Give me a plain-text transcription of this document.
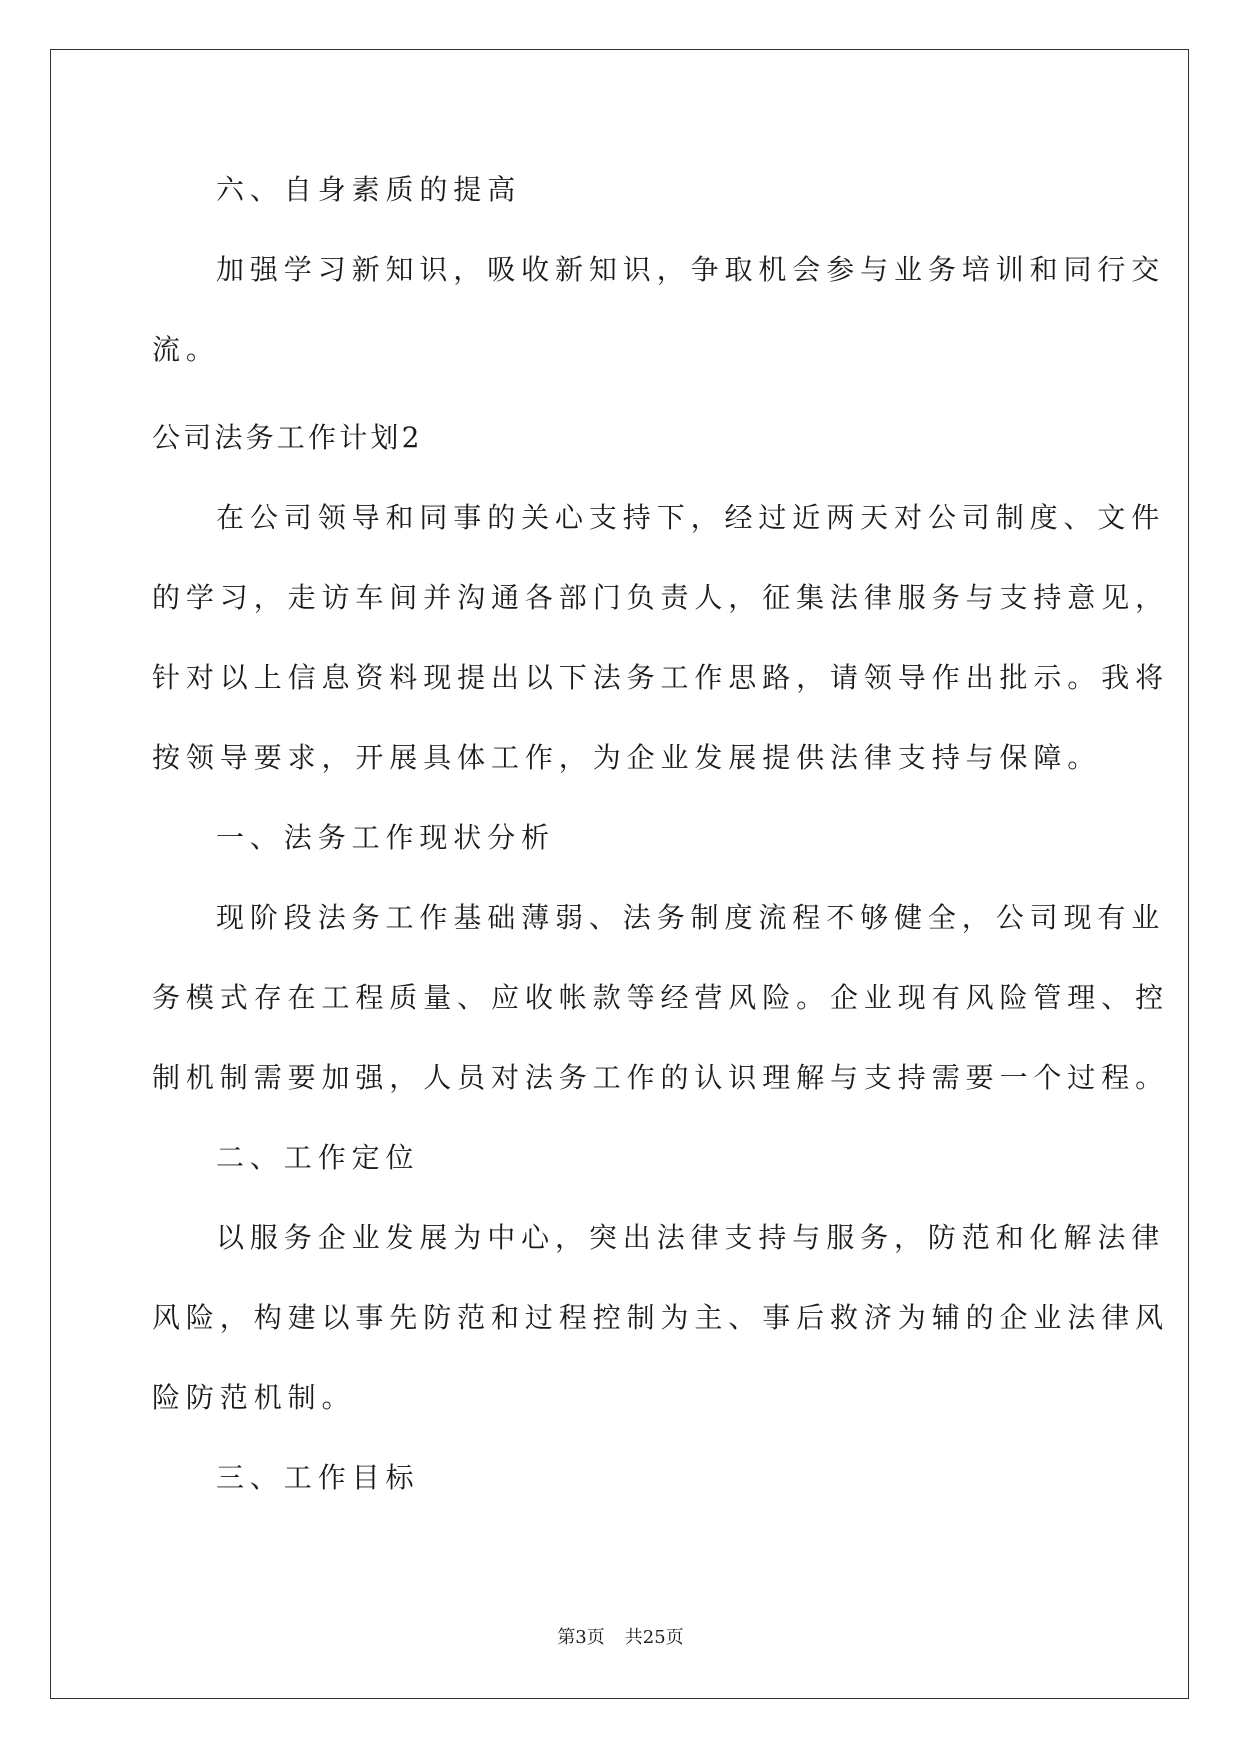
六、自身素质的提高
加强学习新知识，吸收新知识，争取机会参与业务培训和同行交
流。
公司法务工作计划2
在公司领导和同事的关心支持下，经过近两天对公司制度、文件
的学习，走访车间并沟通各部门负责人，征集法律服务与支持意见，
针对以上信息资料现提出以下法务工作思路，请领导作出批示。我将
按领导要求，开展具体工作，为企业发展提供法律支持与保障。
一、法务工作现状分析
现阶段法务工作基础薄弱、法务制度流程不够健全，公司现有业
务模式存在工程质量、应收帐款等经营风险。企业现有风险管理、控
制机制需要加强，人员对法务工作的认识理解与支持需要一个过程。
二、工作定位
以服务企业发展为中心，突出法律支持与服务，防范和化解法律
风险，构建以事先防范和过程控制为主、事后救济为辅的企业法律风
险防范机制。
三、工作目标
第3页 共25页
